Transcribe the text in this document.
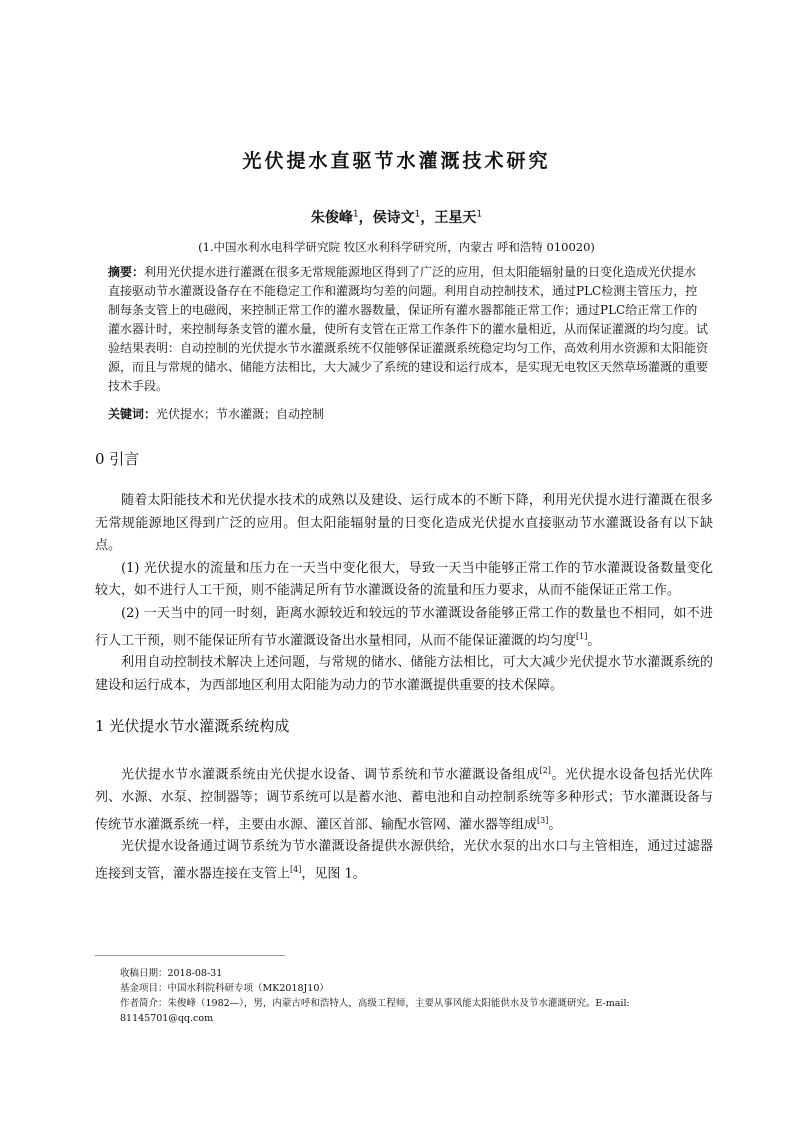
光伏提水直驱节水灌溉技术研究
朱俊峰$^1$，侯诗文$^1$，王星天$^1$
(1.中国水利水电科学研究院 牧区水利科学研究所，内蒙古 呼和浩特 010020)
摘要：利用光伏提水进行灌溉在很多无常规能源地区得到了广泛的应用，但太阳能辐射量的日变化造成光伏提水直接驱动节水灌溉设备存在不能稳定工作和灌溉均匀差的问题。利用自动控制技术，通过PLC检测主管压力，控制每条支管上的电磁阀，来控制正常工作的灌水器数量，保证所有灌水器都能正常工作；通过PLC给正常工作的灌水器计时，来控制每条支管的灌水量，使所有支管在正常工作条件下的灌水量相近，从而保证灌溉的均匀度。试验结果表明：自动控制的光伏提水节水灌溉系统不仅能够保证灌溉系统稳定均匀工作，高效利用水资源和太阳能资源，而且与常规的储水、储能方法相比，大大减少了系统的建设和运行成本，是实现无电牧区天然草场灌溉的重要技术手段。
关键词：光伏提水；节水灌溉；自动控制
0 引言

随着太阳能技术和光伏提水技术的成熟以及建设、运行成本的不断下降，利用光伏提水进行灌溉在很多无常规能源地区得到广泛的应用。但太阳能辐射量的日变化造成光伏提水直接驱动节水灌溉设备有以下缺点。

(1) 光伏提水的流量和压力在一天当中变化很大，导致一天当中能够正常工作的节水灌溉设备数量变化较大，如不进行人工干预，则不能满足所有节水灌溉设备的流量和压力要求，从而不能保证正常工作。

(2) 一天当中的同一时刻，距离水源较近和较远的节水灌溉设备能够正常工作的数量也不相同，如不进行人工干预，则不能保证所有节水灌溉设备出水量相同，从而不能保证灌溉的均匀度[1]。

利用自动控制技术解决上述问题，与常规的储水、储能方法相比，可大大减少光伏提水节水灌溉系统的建设和运行成本，为西部地区利用太阳能为动力的节水灌溉提供重要的技术保障。

1 光伏提水节水灌溉系统构成

光伏提水节水灌溉系统由光伏提水设备、调节系统和节水灌溉设备组成[2]。光伏提水设备包括光伏阵列、水源、水泵、控制器等；调节系统可以是蓄水池、蓄电池和自动控制系统等多种形式；节水灌溉设备与传统节水灌溉系统一样，主要由水源、灌区首部、输配水管网、灌水器等组成[3]。

光伏提水设备通过调节系统为节水灌溉设备提供水源供给，光伏水泵的出水口与主管相连，通过过滤器连接到支管，灌水器连接在支管上[4]，见图 1。

收稿日期：2018-08-31
基金项目：中国水科院科研专项（MK2018J10）
作者简介：朱俊峰（1982—），男，内蒙古呼和浩特人，高级工程师，主要从事风能太阳能供水及节水灌溉研究。E-mail: 81145701@qq.com
